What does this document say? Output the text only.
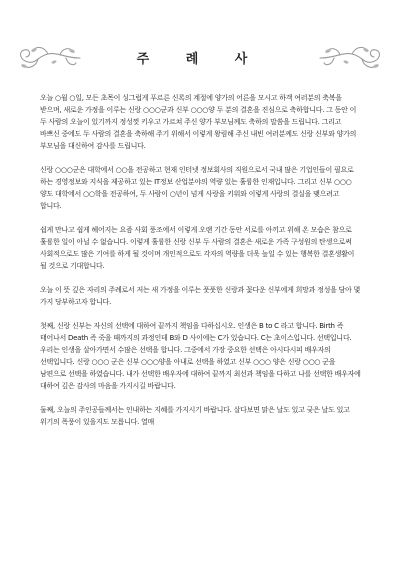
주 례 사

오늘 ○월 ○일, 모든 초목이 싱그럽게 푸르른 신록의 계절에 양가의 어른을 모시고 하객 여러분의 축복을 받으며, 새로운 가정을 이루는 신랑 ○○○군과 신부 ○○○양 두 분의 결혼을 진심으로 축하합니다. 그 동안 이 두 사람의 오늘이 있기까지 정성껏 키우고 가르쳐 주신 양가 부모님께도 축하의 말씀을 드립니다. 그리고 바쁘신 중에도 두 사람의 결혼을 축하해 주기 위해서 이렇게 왕림해 주신 내빈 여러분께도 신랑 신부와 양가의 부모님을 대신하여 감사를 드립니다.

신랑 ○○○군은 대학에서 ○○을 전공하고 현재 인터넷 정보회사의 직원으로서 국내 많은 기업인들이 필요로 하는 경영정보와 지식을 제공하고 있는 IT정보 산업분야의 역량 있는 훌륭한 인재입니다. 그리고 신부 ○○○양도 대학에서 ○○학을 전공하여, 두 사람이 ○년이 넘게 사랑을 키워와 이렇게 사랑의 결실을 맺으려고 합니다.

쉽게 만나고 쉽게 헤어지는 요즘 사회 풍조에서 이렇게 오랜 기간 동안 서로를 아끼고 위해 온 모습은 참으로 훌륭한 일이 아닐 수 없습니다. 이렇게 훌륭한 신랑 신부 두 사람의 결혼은 새로운 가족 구성원의 탄생으로써 사회적으로도 많은 기여를 하게 될 것이며 개인적으로도 각자의 역량을 더욱 높일 수 있는 행복한 결혼생활이 될 것으로 기대합니다.

오늘 이 뜻 깊은 자리의 주례로서 저는 새 가정을 이루는 풋풋한 신랑과 꽃다운 신부에게 희망과 정성을 담아 몇 가지 당부하고자 합니다.

첫째, 신랑 신부는 자신의 선택에 대하여 끝까지 책임을 다하십시오. 인생은 B to C 라고 합니다. Birth 즉 태어나서 Death 즉 죽을 때까지의 과정인데 B와 D 사이에는 C가 있습니다. C는 초이스입니다. 선택입니다. 우리는 인생을 살아가면서 수많은 선택을 합니다. 그중에서 가장 중요한 선택은 아시다시피 배우자의 선택입니다. 신랑 ○○○ 군은 신부 ○○○양을 아내로 선택을 하였고 신부 ○○○ 양은 신랑 ○○○ 군을 남편으로 선택을 하였습니다. 내가 선택한 배우자에 대하여 끝까지 최선과 책임을 다하고 나를 선택한 배우자에 대하여 깊은 감사의 마음을 가지시길 바랍니다.

둘째, 오늘의 주인공들께서는 인내하는 지혜를 가지시기 바랍니다. 살다보면 맑은 날도 있고 궂은 날도 있고 위기의 폭풍이 있을지도 모릅니다. 열매
